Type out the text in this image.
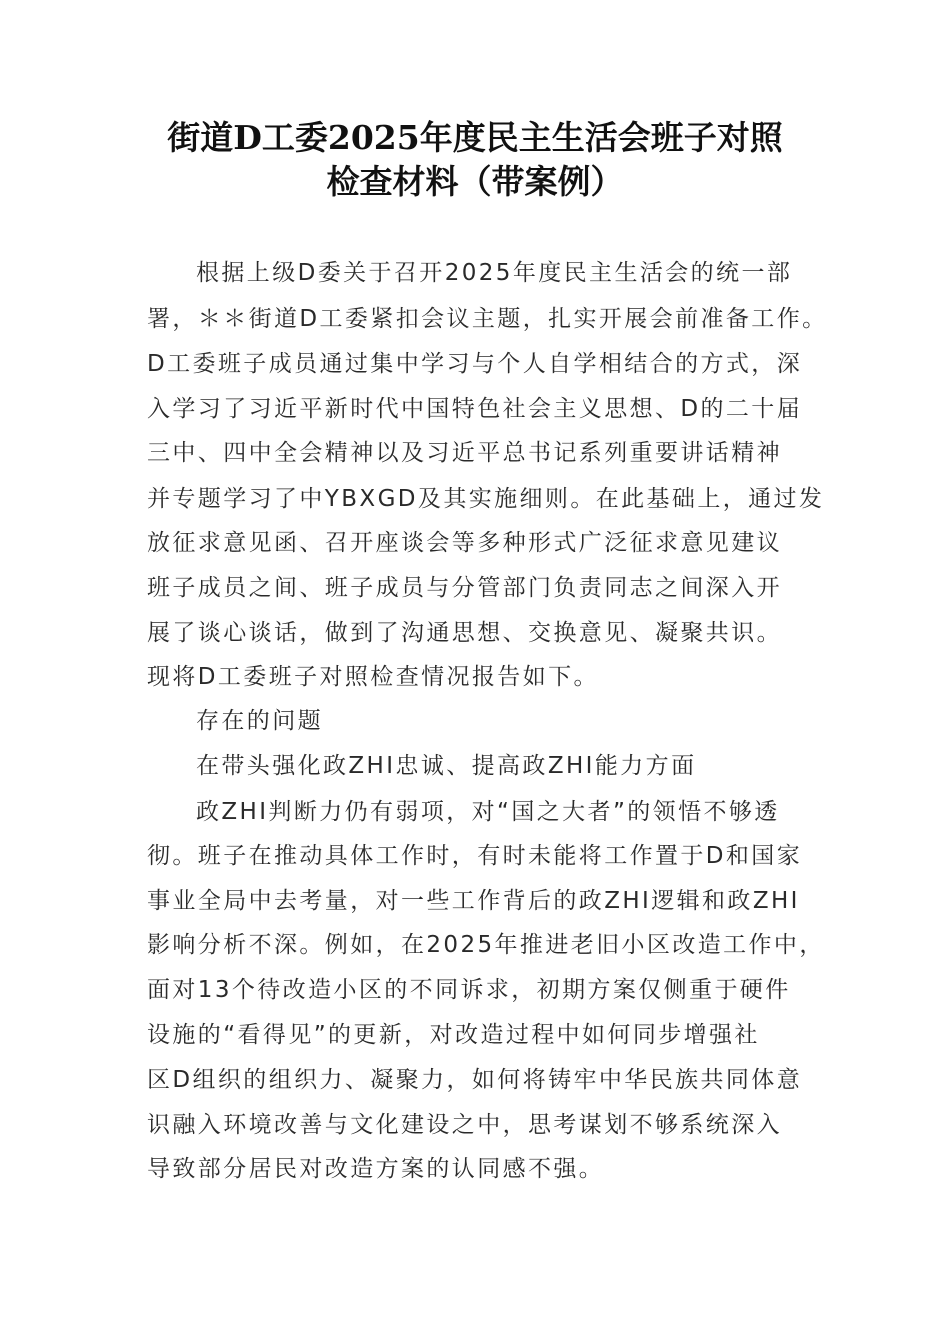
街道D工委2025年度民主生活会班子对照
检查材料（带案例）
根据上级D委关于召开2025年度民主生活会的统一部
署，＊＊街道D工委紧扣会议主题，扎实开展会前准备工作。
D工委班子成员通过集中学习与个人自学相结合的方式，深
入学习了习近平新时代中国特色社会主义思想、D的二十届
三中、四中全会精神以及习近平总书记系列重要讲话精神
并专题学习了中YBXGD及其实施细则。在此基础上，通过发
放征求意见函、召开座谈会等多种形式广泛征求意见建议
班子成员之间、班子成员与分管部门负责同志之间深入开
展了谈心谈话，做到了沟通思想、交换意见、凝聚共识。
现将D工委班子对照检查情况报告如下。
存在的问题
在带头强化政ZHI忠诚、提高政ZHI能力方面
政ZHI判断力仍有弱项，对“国之大者”的领悟不够透
彻。班子在推动具体工作时，有时未能将工作置于D和国家
事业全局中去考量，对一些工作背后的政ZHI逻辑和政ZHI
影响分析不深。例如，在2025年推进老旧小区改造工作中，
面对13个待改造小区的不同诉求，初期方案仅侧重于硬件
设施的“看得见”的更新，对改造过程中如何同步增强社
区D组织的组织力、凝聚力，如何将铸牢中华民族共同体意
识融入环境改善与文化建设之中，思考谋划不够系统深入
导致部分居民对改造方案的认同感不强。
